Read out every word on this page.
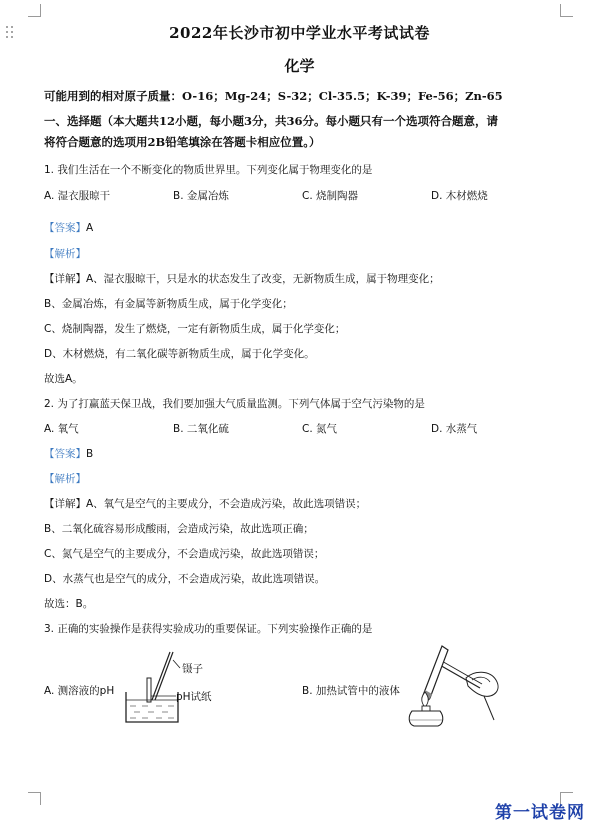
2022年长沙市初中学业水平考试试卷
化学
可能用到的相对原子质量：O-16；Mg-24；S-32；Cl-35.5；K-39；Fe-56；Zn-65
一、选择题（本大题共12小题，每小题3分，共36分。每小题只有一个选项符合题意，请
将符合题意的选项用2B铅笔填涂在答题卡相应位置。）
1. 我们生活在一个不断变化的物质世界里。下列变化属于物理变化的是
A. 湿衣服晾干	B. 金属冶炼	C. 烧制陶器	D. 木材燃烧
【答案】A
【解析】
【详解】A、湿衣服晾干，只是水的状态发生了改变，无新物质生成，属于物理变化；
B、金属冶炼，有金属等新物质生成，属于化学变化；
C、烧制陶器，发生了燃烧，一定有新物质生成，属于化学变化；
D、木材燃烧，有二氧化碳等新物质生成，属于化学变化。
故选A。
2. 为了打赢蓝天保卫战，我们要加强大气质量监测。下列气体属于空气污染物的是
A. 氧气	B. 二氧化硫	C. 氮气	D. 水蒸气
【答案】B
【解析】
【详解】A、氧气是空气的主要成分，不会造成污染，故此选项错误；
B、二氧化硫容易形成酸雨，会造成污染，故此选项正确；
C、氮气是空气的主要成分，不会造成污染，故此选项错误；
D、水蒸气也是空气的成分，不会造成污染，故此选项错误。
故选：B。
3. 正确的实验操作是获得实验成功的重要保证。下列实验操作正确的是
A. 测溶液的pH
镊子
pH试纸	B. 加热试管中的液体
第一试卷网
